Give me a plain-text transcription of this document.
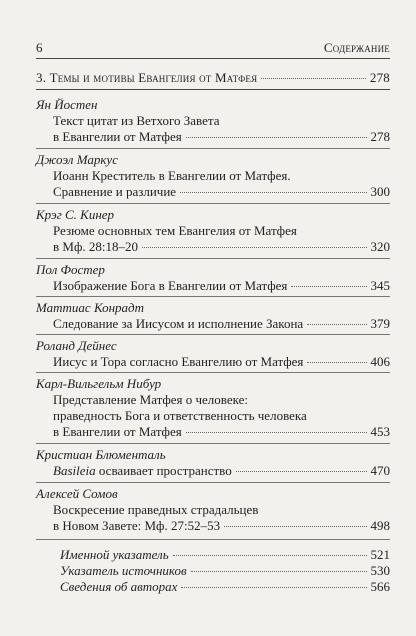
6	Содержание
3. Темы и мотивы Евангелия от Матфея	278
Ян Йостен
Текст цитат из Ветхого Завета
в Евангелии от Матфея	278
Джоэл Маркус
Иоанн Креститель в Евангелии от Матфея.
Сравнение и различие	300
Крэг С. Кинер
Резюме основных тем Евангелия от Матфея
в Мф. 28:18–20	320
Пол Фостер
Изображение Бога в Евангелии от Матфея	345
Маттиас Конрадт
Следование за Иисусом и исполнение Закона	379
Роланд Дейнес
Иисус и Тора согласно Евангелию от Матфея	406
Карл-Вильгельм Нибур
Представление Матфея о человеке:
праведность Бога и ответственность человека
в Евангелии от Матфея	453
Кристиан Блюменталь
Basileia осваивает пространство	470
Алексей Сомов
Воскресение праведных страдальцев
в Новом Завете: Мф. 27:52–53	498
Именной указатель	521
Указатель источников	530
Сведения об авторах	566
